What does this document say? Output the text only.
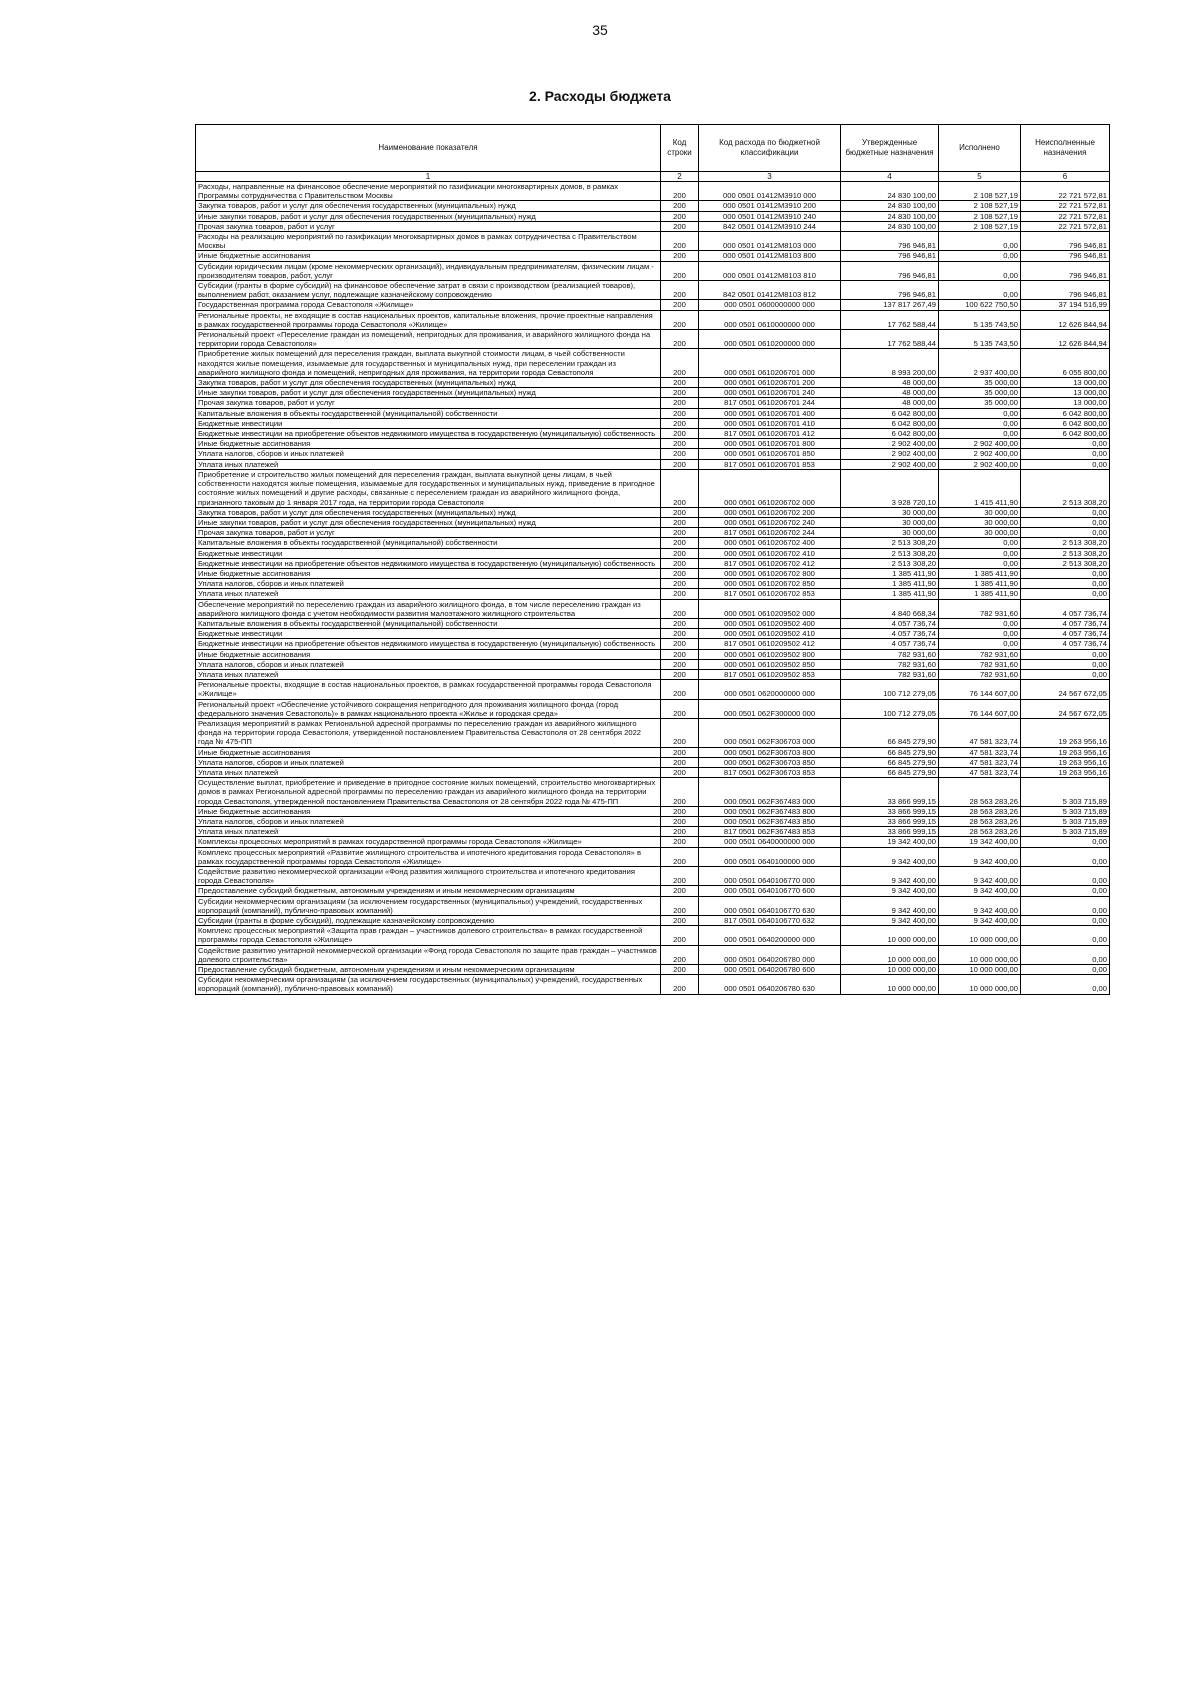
35
2. Расходы бюджета
Наименование показателя	Код строки	Код расхода по бюджетной классификации	Утвержденные бюджетные назначения	Исполнено	Неисполненные назначения
1	2	3	4	5	6
Расходы, направленные на финансовое обеспечение мероприятий по газификации многоквартирных домов, в рамках Программы сотрудничества с Правительством Москвы	200	000 0501 01412М3910 000	24 830 100,00	2 108 527,19	22 721 572,81
Закупка товаров, работ и услуг для обеспечения государственных (муниципальных) нужд	200	000 0501 01412М3910 200	24 830 100,00	2 108 527,19	22 721 572,81
Иные закупки товаров, работ и услуг для обеспечения государственных (муниципальных) нужд	200	000 0501 01412М3910 240	24 830 100,00	2 108 527,19	22 721 572,81
Прочая закупка товаров, работ и услуг	200	842 0501 01412М3910 244	24 830 100,00	2 108 527,19	22 721 572,81
Расходы на реализацию мероприятий по газификации многоквартирных домов в рамках сотрудничества с Правительством Москвы	200	000 0501 01412М8103 000	796 946,81	0,00	796 946,81
Иные бюджетные ассигнования	200	000 0501 01412М8103 800	796 946,81	0,00	796 946,81
Субсидии юридическим лицам (кроме некоммерческих организаций), индивидуальным предпринимателям, физическим лицам - производителям товаров, работ, услуг	200	000 0501 01412М8103 810	796 946,81	0,00	796 946,81
Субсидии (гранты в форме субсидий) на финансовое обеспечение затрат в связи с производством (реализацией товаров), выполнением работ, оказанием услуг, подлежащие казначейскому сопровождению	200	842 0501 01412М8103 812	796 946,81	0,00	796 946,81
Государственная программа города Севастополя «Жилище»	200	000 0501 0600000000 000	137 817 267,49	100 622 750,50	37 194 516,99
Региональные проекты, не входящие в состав национальных проектов, капитальные вложения, прочие проектные направления в рамках государственной программы города Севастополя «Жилище»	200	000 0501 0610000000 000	17 762 588,44	5 135 743,50	12 626 844,94
Региональный проект «Переселение граждан из помещений, непригодных для проживания, и аварийного жилищного фонда на территории города Севастополя»	200	000 0501 0610200000 000	17 762 588,44	5 135 743,50	12 626 844,94
Приобретение жилых помещений для переселения граждан, выплата выкупной стоимости лицам, в чьей собственности находятся жилые помещения, изымаемые для государственных и муниципальных нужд, при переселении граждан из аварийного жилищного фонда и помещений, непригодных для проживания, на территории города Севастополя	200	000 0501 0610206701 000	8 993 200,00	2 937 400,00	6 055 800,00
Закупка товаров, работ и услуг для обеспечения государственных (муниципальных) нужд	200	000 0501 0610206701 200	48 000,00	35 000,00	13 000,00
Иные закупки товаров, работ и услуг для обеспечения государственных (муниципальных) нужд	200	000 0501 0610206701 240	48 000,00	35 000,00	13 000,00
Прочая закупка товаров, работ и услуг	200	817 0501 0610206701 244	48 000,00	35 000,00	13 000,00
Капитальные вложения в объекты государственной (муниципальной) собственности	200	000 0501 0610206701 400	6 042 800,00	0,00	6 042 800,00
Бюджетные инвестиции	200	000 0501 0610206701 410	6 042 800,00	0,00	6 042 800,00
Бюджетные инвестиции на приобретение объектов недвижимого имущества в государственную (муниципальную) собственность	200	817 0501 0610206701 412	6 042 800,00	0,00	6 042 800,00
Иные бюджетные ассигнования	200	000 0501 0610206701 800	2 902 400,00	2 902 400,00	0,00
Уплата налогов, сборов и иных платежей	200	000 0501 0610206701 850	2 902 400,00	2 902 400,00	0,00
Уплата иных платежей	200	817 0501 0610206701 853	2 902 400,00	2 902 400,00	0,00
Приобретение и строительство жилых помещений для переселения граждан, выплата выкупной цены лицам, в чьей собственности находятся жилые помещения, изымаемые для государственных и муниципальных нужд, приведение в пригодное состояние жилых помещений и другие расходы, связанные с переселением граждан из аварийного жилищного фонда, признанного таковым до 1 января 2017 года, на территории города Севастополя	200	000 0501 0610206702 000	3 928 720,10	1 415 411,90	2 513 308,20
Закупка товаров, работ и услуг для обеспечения государственных (муниципальных) нужд	200	000 0501 0610206702 200	30 000,00	30 000,00	0,00
Иные закупки товаров, работ и услуг для обеспечения государственных (муниципальных) нужд	200	000 0501 0610206702 240	30 000,00	30 000,00	0,00
Прочая закупка товаров, работ и услуг	200	817 0501 0610206702 244	30 000,00	30 000,00	0,00
Капитальные вложения в объекты государственной (муниципальной) собственности	200	000 0501 0610206702 400	2 513 308,20	0,00	2 513 308,20
Бюджетные инвестиции	200	000 0501 0610206702 410	2 513 308,20	0,00	2 513 308,20
Бюджетные инвестиции на приобретение объектов недвижимого имущества в государственную (муниципальную) собственность	200	817 0501 0610206702 412	2 513 308,20	0,00	2 513 308,20
Иные бюджетные ассигнования	200	000 0501 0610206702 800	1 385 411,90	1 385 411,90	0,00
Уплата налогов, сборов и иных платежей	200	000 0501 0610206702 850	1 385 411,90	1 385 411,90	0,00
Уплата иных платежей	200	817 0501 0610206702 853	1 385 411,90	1 385 411,90	0,00
Обеспечение мероприятий по переселению граждан из аварийного жилищного фонда, в том числе переселению граждан из аварийного жилищного фонда с учетом необходимости развития малоэтажного жилищного строительства	200	000 0501 0610209502 000	4 840 668,34	782 931,60	4 057 736,74
Капитальные вложения в объекты государственной (муниципальной) собственности	200	000 0501 0610209502 400	4 057 736,74	0,00	4 057 736,74
Бюджетные инвестиции	200	000 0501 0610209502 410	4 057 736,74	0,00	4 057 736,74
Бюджетные инвестиции на приобретение объектов недвижимого имущества в государственную (муниципальную) собственность	200	817 0501 0610209502 412	4 057 736,74	0,00	4 057 736,74
Иные бюджетные ассигнования	200	000 0501 0610209502 800	782 931,60	782 931,60	0,00
Уплата налогов, сборов и иных платежей	200	000 0501 0610209502 850	782 931,60	782 931,60	0,00
Уплата иных платежей	200	817 0501 0610209502 853	782 931,60	782 931,60	0,00
Региональные проекты, входящие в состав национальных проектов, в рамках государственной программы города Севастополя «Жилище»	200	000 0501 0620000000 000	100 712 279,05	76 144 607,00	24 567 672,05
Региональный проект «Обеспечение устойчивого сокращения непригодного для проживания жилищного фонда (город федерального значения Севастополь)» в рамках национального проекта «Жилье и городская среда»	200	000 0501 062F300000 000	100 712 279,05	76 144 607,00	24 567 672,05
Реализация мероприятий в рамках Региональной адресной программы по переселению граждан из аварийного жилищного фонда на территории города Севастополя, утвержденной постановлением Правительства Севастополя от 28 сентября 2022 года № 475-ПП	200	000 0501 062F306703 000	66 845 279,90	47 581 323,74	19 263 956,16
Иные бюджетные ассигнования	200	000 0501 062F306703 800	66 845 279,90	47 581 323,74	19 263 956,16
Уплата налогов, сборов и иных платежей	200	000 0501 062F306703 850	66 845 279,90	47 581 323,74	19 263 956,16
Уплата иных платежей	200	817 0501 062F306703 853	66 845 279,90	47 581 323,74	19 263 956,16
Осуществление выплат, приобретение и приведение в пригодное состояние жилых помещений, строительство многоквартирных домов в рамках Региональной адресной программы по переселению граждан из аварийного жилищного фонда на территории города Севастополя, утвержденной постановлением Правительства Севастополя от 28 сентября 2022 года № 475-ПП	200	000 0501 062F367483 000	33 866 999,15	28 563 283,26	5 303 715,89
Иные бюджетные ассигнования	200	000 0501 062F367483 800	33 866 999,15	28 563 283,26	5 303 715,89
Уплата налогов, сборов и иных платежей	200	000 0501 062F367483 850	33 866 999,15	28 563 283,26	5 303 715,89
Уплата иных платежей	200	817 0501 062F367483 853	33 866 999,15	28 563 283,26	5 303 715,89
Комплексы процессных мероприятий в рамках государственной программы города Севастополя «Жилище»	200	000 0501 0640000000 000	19 342 400,00	19 342 400,00	0,00
Комплекс процессных мероприятий «Развитие жилищного строительства и ипотечного кредитования города Севастополя» в рамках государственной программы города Севастополя «Жилище»	200	000 0501 0640100000 000	9 342 400,00	9 342 400,00	0,00
Содействие развитию некоммерческой организации «Фонд развития жилищного строительства и ипотечного кредитования города Севастополя»	200	000 0501 0640106770 000	9 342 400,00	9 342 400,00	0,00
Предоставление субсидий бюджетным, автономным учреждениям и иным некоммерческим организациям	200	000 0501 0640106770 600	9 342 400,00	9 342 400,00	0,00
Субсидии некоммерческим организациям (за исключением государственных (муниципальных) учреждений, государственных корпораций (компаний), публично-правовых компаний)	200	000 0501 0640106770 630	9 342 400,00	9 342 400,00	0,00
Субсидии (гранты в форме субсидий), подлежащие казначейскому сопровождению	200	817 0501 0640106770 632	9 342 400,00	9 342 400,00	0,00
Комплекс процессных мероприятий «Защита прав граждан – участников долевого строительства» в рамках государственной программы города Севастополя «Жилище»	200	000 0501 0640200000 000	10 000 000,00	10 000 000,00	0,00
Содействие развитию унитарной некоммерческой организации «Фонд города Севастополя по защите прав граждан – участников долевого строительства»	200	000 0501 0640206780 000	10 000 000,00	10 000 000,00	0,00
Предоставление субсидий бюджетным, автономным учреждениям и иным некоммерческим организациям	200	000 0501 0640206780 600	10 000 000,00	10 000 000,00	0,00
Субсидии некоммерческим организациям (за исключением государственных (муниципальных) учреждений, государственных корпораций (компаний), публично-правовых компаний)	200	000 0501 0640206780 630	10 000 000,00	10 000 000,00	0,00
